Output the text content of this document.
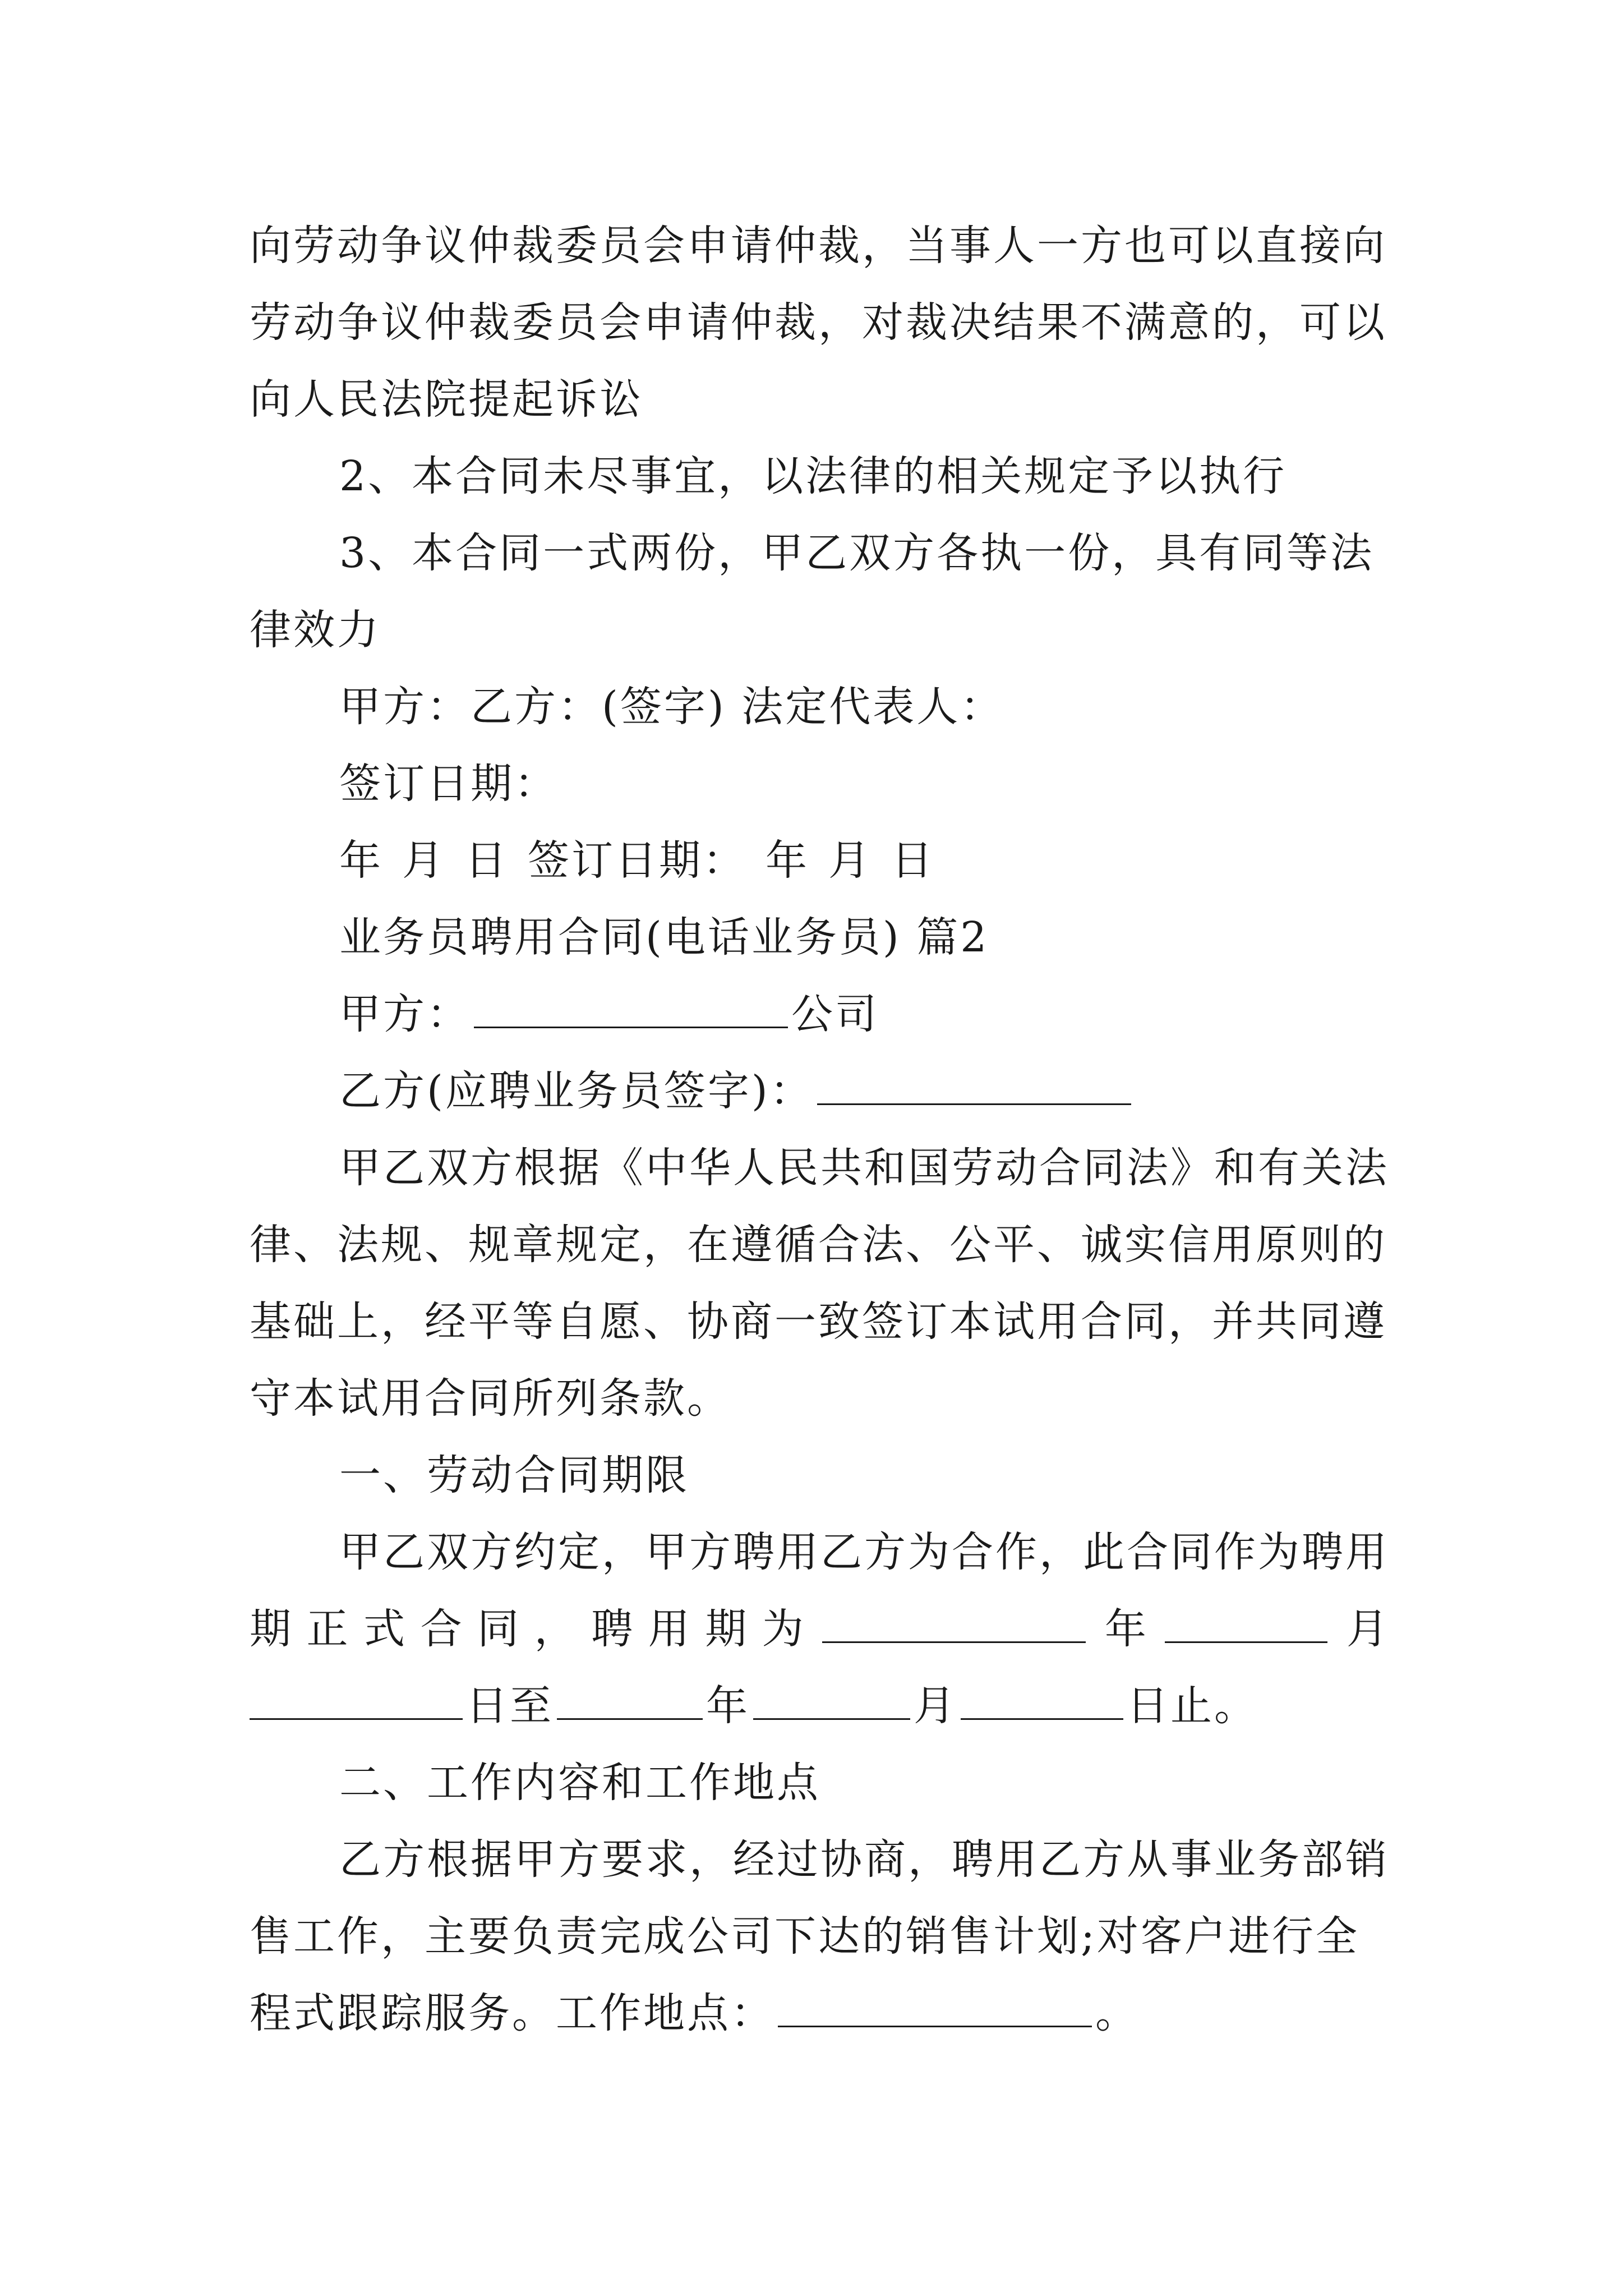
向劳动争议仲裁委员会申请仲裁，当事人一方也可以直接向
劳动争议仲裁委员会申请仲裁，对裁决结果不满意的，可以
向人民法院提起诉讼
2、本合同未尽事宜，以法律的相关规定予以执行
3、本合同一式两份，甲乙双方各执一份，具有同等法
律效力
甲方：乙方：(签字) 法定代表人：
签订日期：
年 月 日 签订日期： 年 月 日
业务员聘用合同(电话业务员) 篇2
甲方：	公司
乙方(应聘业务员签字)：
甲乙双方根据《中华人民共和国劳动合同法》和有关法
律、法规、规章规定，在遵循合法、公平、诚实信用原则的
基础上，经平等自愿、协商一致签订本试用合同，并共同遵
守本试用合同所列条款。
一、劳动合同期限
甲乙双方约定，甲方聘用乙方为合作，此合同作为聘用
期 正 式 合 同 ， 聘 用 期 为	年	月
日至	年	月	日止。
二、工作内容和工作地点
乙方根据甲方要求，经过协商，聘用乙方从事业务部销
售工作，主要负责完成公司下达的销售计划;对客户进行全
程式跟踪服务。工作地点：	。
